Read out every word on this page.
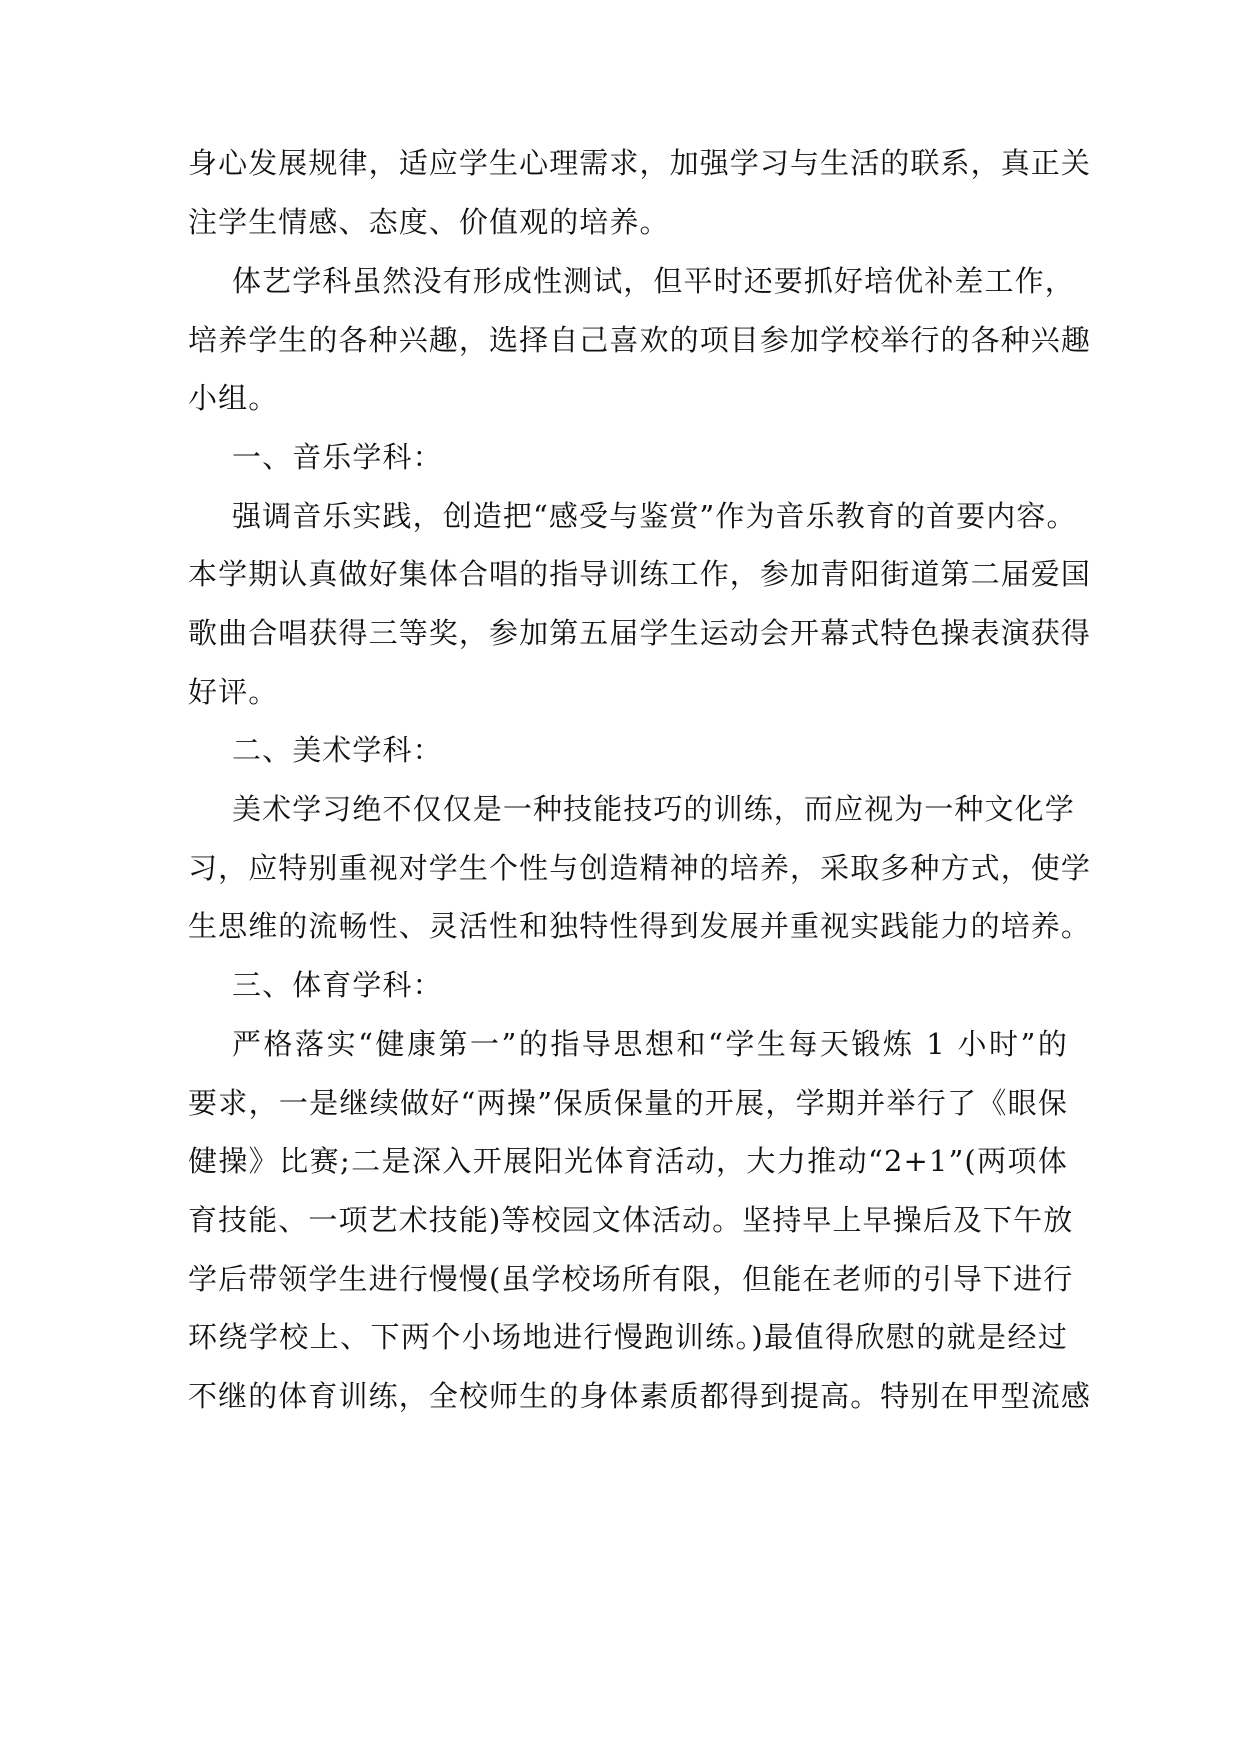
身心发展规律，适应学生心理需求，加强学习与生活的联系，真正关

注学生情感、态度、价值观的培养。

体艺学科虽然没有形成性测试，但平时还要抓好培优补差工作，

培养学生的各种兴趣，选择自己喜欢的项目参加学校举行的各种兴趣

小组。

一、音乐学科：

强调音乐实践，创造把“感受与鉴赏”作为音乐教育的首要内容。

本学期认真做好集体合唱的指导训练工作，参加青阳街道第二届爱国

歌曲合唱获得三等奖，参加第五届学生运动会开幕式特色操表演获得

好评。

二、美术学科：

美术学习绝不仅仅是一种技能技巧的训练，而应视为一种文化学

习，应特别重视对学生个性与创造精神的培养，采取多种方式，使学

生思维的流畅性、灵活性和独特性得到发展并重视实践能力的培养。

三、体育学科：

严格落实“健康第一”的指导思想和“学生每天锻炼 1 小时”的

要求，一是继续做好“两操”保质保量的开展，学期并举行了《眼保

健操》比赛;二是深入开展阳光体育活动，大力推动“2+1”(两项体

育技能、一项艺术技能)等校园文体活动。坚持早上早操后及下午放

学后带领学生进行慢慢(虽学校场所有限，但能在老师的引导下进行

环绕学校上、下两个小场地进行慢跑训练。)最值得欣慰的就是经过

不继的体育训练，全校师生的身体素质都得到提高。特别在甲型流感
